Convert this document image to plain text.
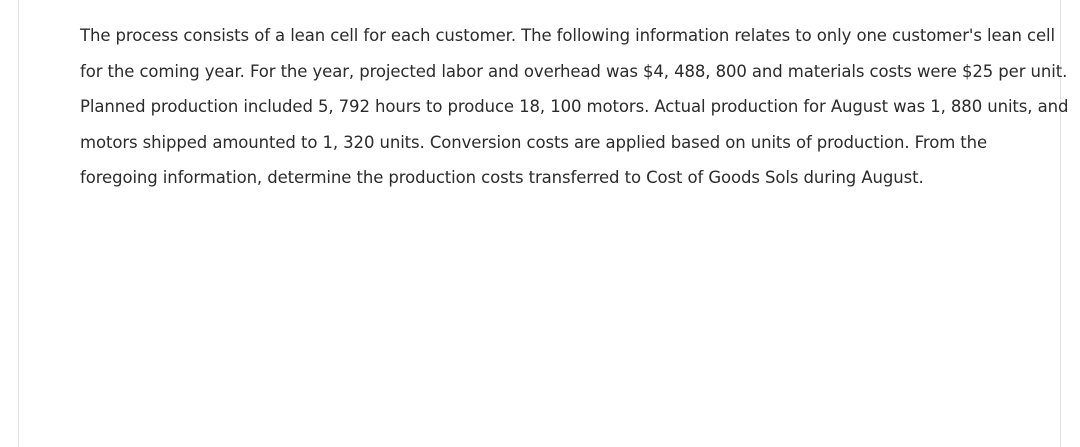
The process consists of a lean cell for each customer. The following information relates to only one customer's lean cell
for the coming year. For the year, projected labor and overhead was $4, 488, 800 and materials costs were $25 per unit.
Planned production included 5, 792 hours to produce 18, 100 motors. Actual production for August was 1, 880 units, and
motors shipped amounted to 1, 320 units. Conversion costs are applied based on units of production. From the
foregoing information, determine the production costs transferred to Cost of Goods Sols during August.
